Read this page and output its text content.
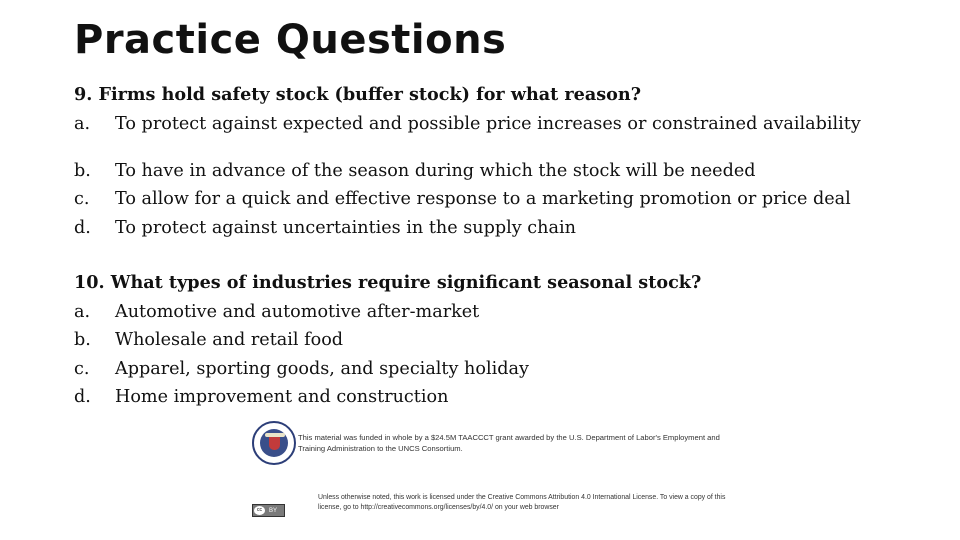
Practice Questions
9. Firms hold safety stock (buffer stock) for what reason?
a.	To protect against expected and possible price increases or constrained availability
b.	To have in advance of the season during which the stock will be needed
c.	To allow for a quick and effective response to a marketing promotion or price deal
d.	To protect against uncertainties in the supply chain
10. What types of industries require significant seasonal stock?
a.	Automotive and automotive after-market
b.	Wholesale and retail food
c.	Apparel, sporting goods, and specialty holiday
d.	Home improvement and construction
This material was funded in whole by a $24.5M TAACCCT grant awarded by the U.S. Department of Labor's Employment and Training Administration to the UNCS Consortium.
cc	BY
Unless otherwise noted, this work is licensed under the Creative Commons Attribution 4.0 International License. To view a copy of this license, go to http://creativecommons.org/licenses/by/4.0/ on your web browser
